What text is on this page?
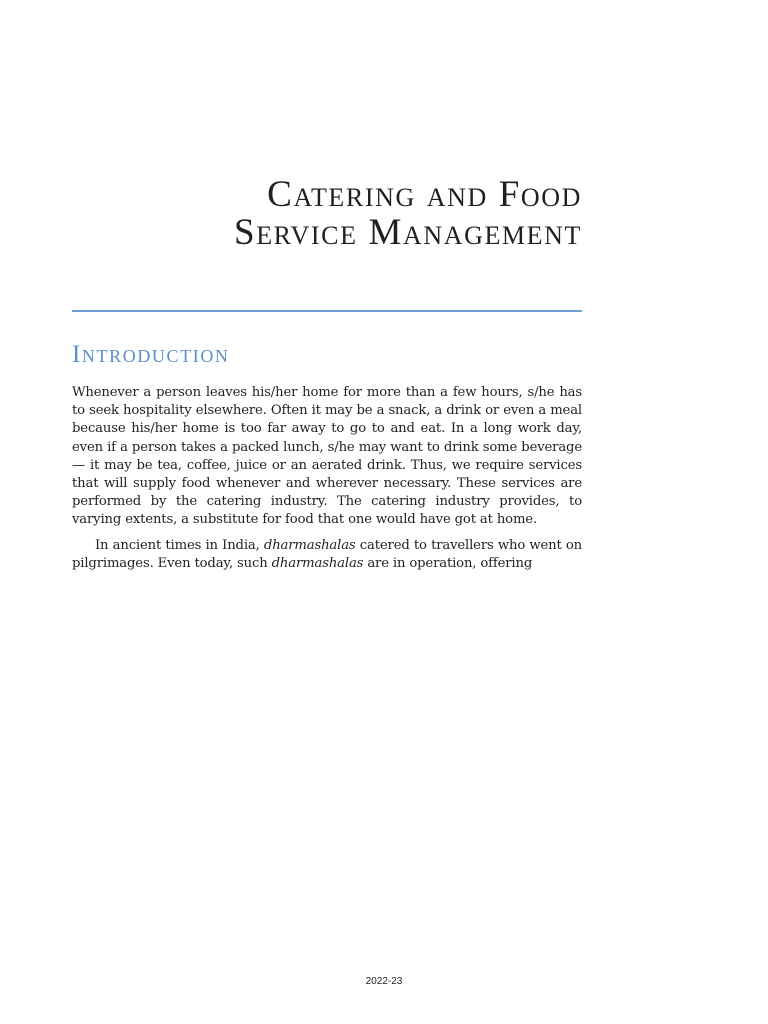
Catering and Food
Service Management
Introduction

Whenever a person leaves his/her home for more than a few hours, s/he has to seek hospitality elsewhere. Often it may be a snack, a drink or even a meal because his/her home is too far away to go to and eat. In a long work day, even if a person takes a packed lunch, s/he may want to drink some beverage — it may be tea, coffee, juice or an aerated drink. Thus, we require services that will supply food whenever and wherever necessary. These services are performed by the catering industry. The catering industry provides, to varying extents, a substitute for food that one would have got at home.

In ancient times in India, dharmashalas catered to travellers who went on pilgrimages. Even today, such dharmashalas are in operation, offering

2022-23
